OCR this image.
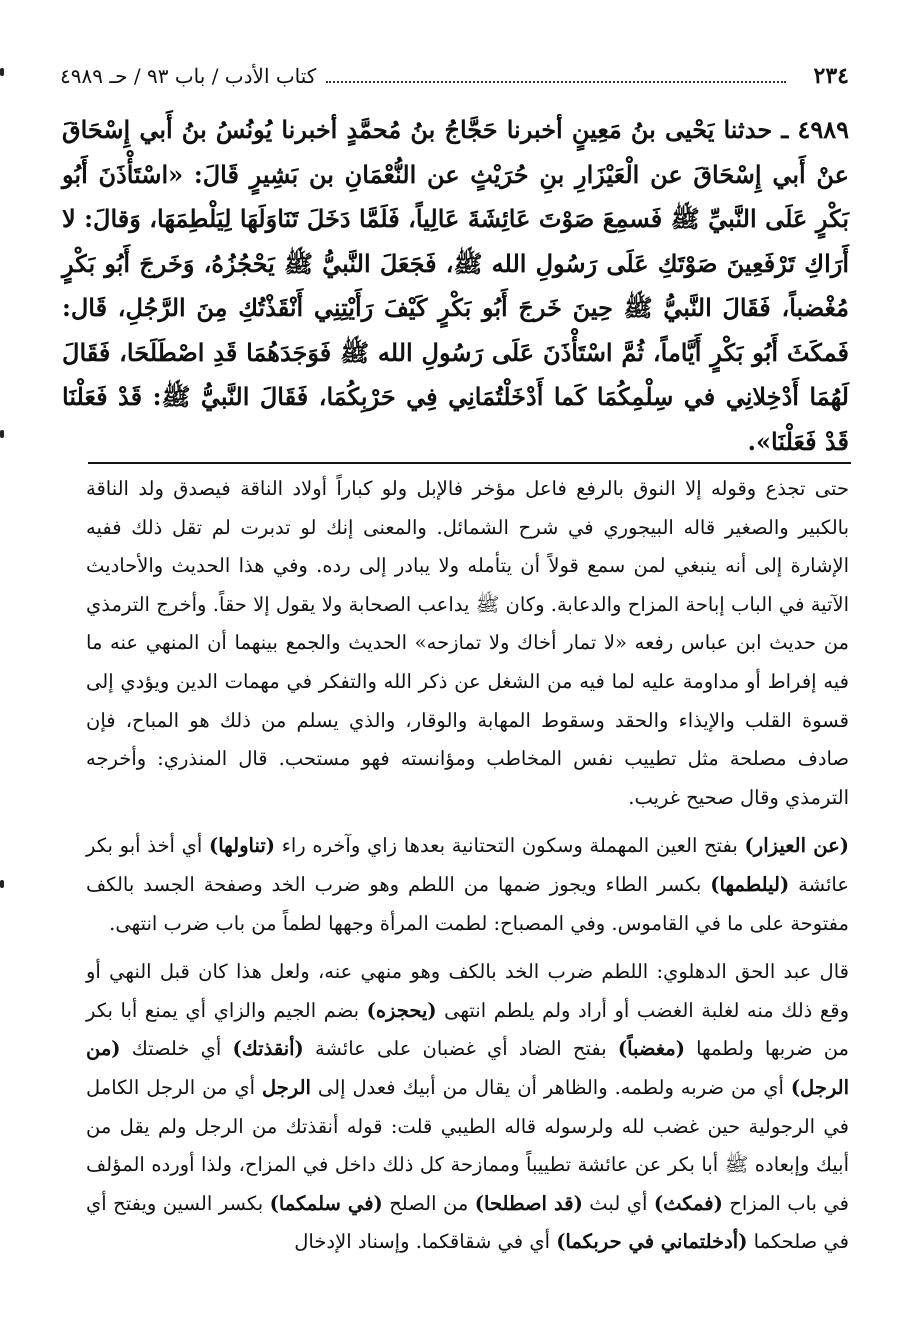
٢٣٤
كتاب الأدب / باب ٩٣ / حـ ٤٩٨٩
٤٩٨٩ ـ حدثنا يَحْيى بنُ مَعِينٍ أخبرنا حَجَّاجُ بنُ مُحمَّدٍ أخبرنا يُونُسُ بنُ أَبي إِسْحَاقَ عنْ أَبي إِسْحَاقَ عن الْعَيْزَارِ بنِ حُرَيْثٍ عن النُّعْمَانِ بن بَشِيرٍ قَالَ: «اسْتَأْذَنَ أَبُو بَكْرٍ عَلَى النَّبيِّ ﷺ فَسمِعَ صَوْتَ عَائِشَةَ عَالِياً، فَلَمَّا دَخَلَ تَنَاوَلَهَا لِيَلْطِمَهَا، وَقالَ: لا أَرَاكِ تَرْفَعِينَ صَوْتَكِ عَلَى رَسُولِ الله ﷺ، فَجَعَلَ النَّبيُّ ﷺ يَحْجُزُهُ، وَخَرجَ أَبُو بَكْرٍ مُغْضباً، فَقَالَ النَّبيُّ ﷺ حِينَ خَرجَ أَبُو بَكْرٍ كَيْفَ رَأَيْتِنِي أَنْقَذْتُكِ مِنَ الرَّجُلِ، قَال: فَمكَثَ أَبُو بَكْرٍ أَيَّاماً، ثُمَّ اسْتَأْذَنَ عَلَى رَسُولِ الله ﷺ فَوَجَدَهُمَا قَدِ اصْطَلَحَا، فَقَالَ لَهُمَا أَدْخِلانِي في سِلْمِكُمَا كَما أَدْخَلْتُمَانِي فِي حَرْبِكُمَا، فَقَالَ النَّبيُّ ﷺ: قَدْ فَعَلْنَا قَدْ فَعَلْنَا».

حتى تجذع وقوله إلا النوق بالرفع فاعل مؤخر فالإبل ولو كباراً أولاد الناقة فيصدق ولد الناقة بالكبير والصغير قاله البيجوري في شرح الشمائل. والمعنى إنك لو تدبرت لم تقل ذلك ففيه الإشارة إلى أنه ينبغي لمن سمع قولاً أن يتأمله ولا يبادر إلى رده. وفي هذا الحديث والأحاديث الآتية في الباب إباحة المزاح والدعابة. وكان ﷺ يداعب الصحابة ولا يقول إلا حقاً. وأخرج الترمذي من حديث ابن عباس رفعه «لا تمار أخاك ولا تمازحه» الحديث والجمع بينهما أن المنهي عنه ما فيه إفراط أو مداومة عليه لما فيه من الشغل عن ذكر الله والتفكر في مهمات الدين ويؤدي إلى قسوة القلب والإيذاء والحقد وسقوط المهابة والوقار، والذي يسلم من ذلك هو المباح، فإن صادف مصلحة مثل تطييب نفس المخاطب ومؤانسته فهو مستحب. قال المنذري: وأخرجه الترمذي وقال صحيح غريب.

(عن العيزار) بفتح العين المهملة وسكون التحتانية بعدها زاي وآخره راء (تناولها) أي أخذ أبو بكر عائشة (ليلطمها) بكسر الطاء ويجوز ضمها من اللطم وهو ضرب الخد وصفحة الجسد بالكف مفتوحة على ما في القاموس. وفي المصباح: لطمت المرأة وجهها لطماً من باب ضرب انتهى.

قال عبد الحق الدهلوي: اللطم ضرب الخد بالكف وهو منهي عنه، ولعل هذا كان قبل النهي أو وقع ذلك منه لغلبة الغضب أو أراد ولم يلطم انتهى (يحجزه) بضم الجيم والزاي أي يمنع أبا بكر من ضربها ولطمها (مغضباً) بفتح الضاد أي غضبان على عائشة (أنقذتك) أي خلصتك (من الرجل) أي من ضربه ولطمه. والظاهر أن يقال من أبيك فعدل إلى الرجل أي من الرجل الكامل في الرجولية حين غضب لله ولرسوله قاله الطيبي قلت: قوله أنقذتك من الرجل ولم يقل من أبيك وإبعاده ﷺ أبا بكر عن عائشة تطييباً وممازحة كل ذلك داخل في المزاح، ولذا أورده المؤلف في باب المزاح (فمكث) أي لبث (قد اصطلحا) من الصلح (في سلمكما) بكسر السين ويفتح أي في صلحكما (أدخلتماني في حربكما) أي في شقاقكما. وإسناد الإدخال
